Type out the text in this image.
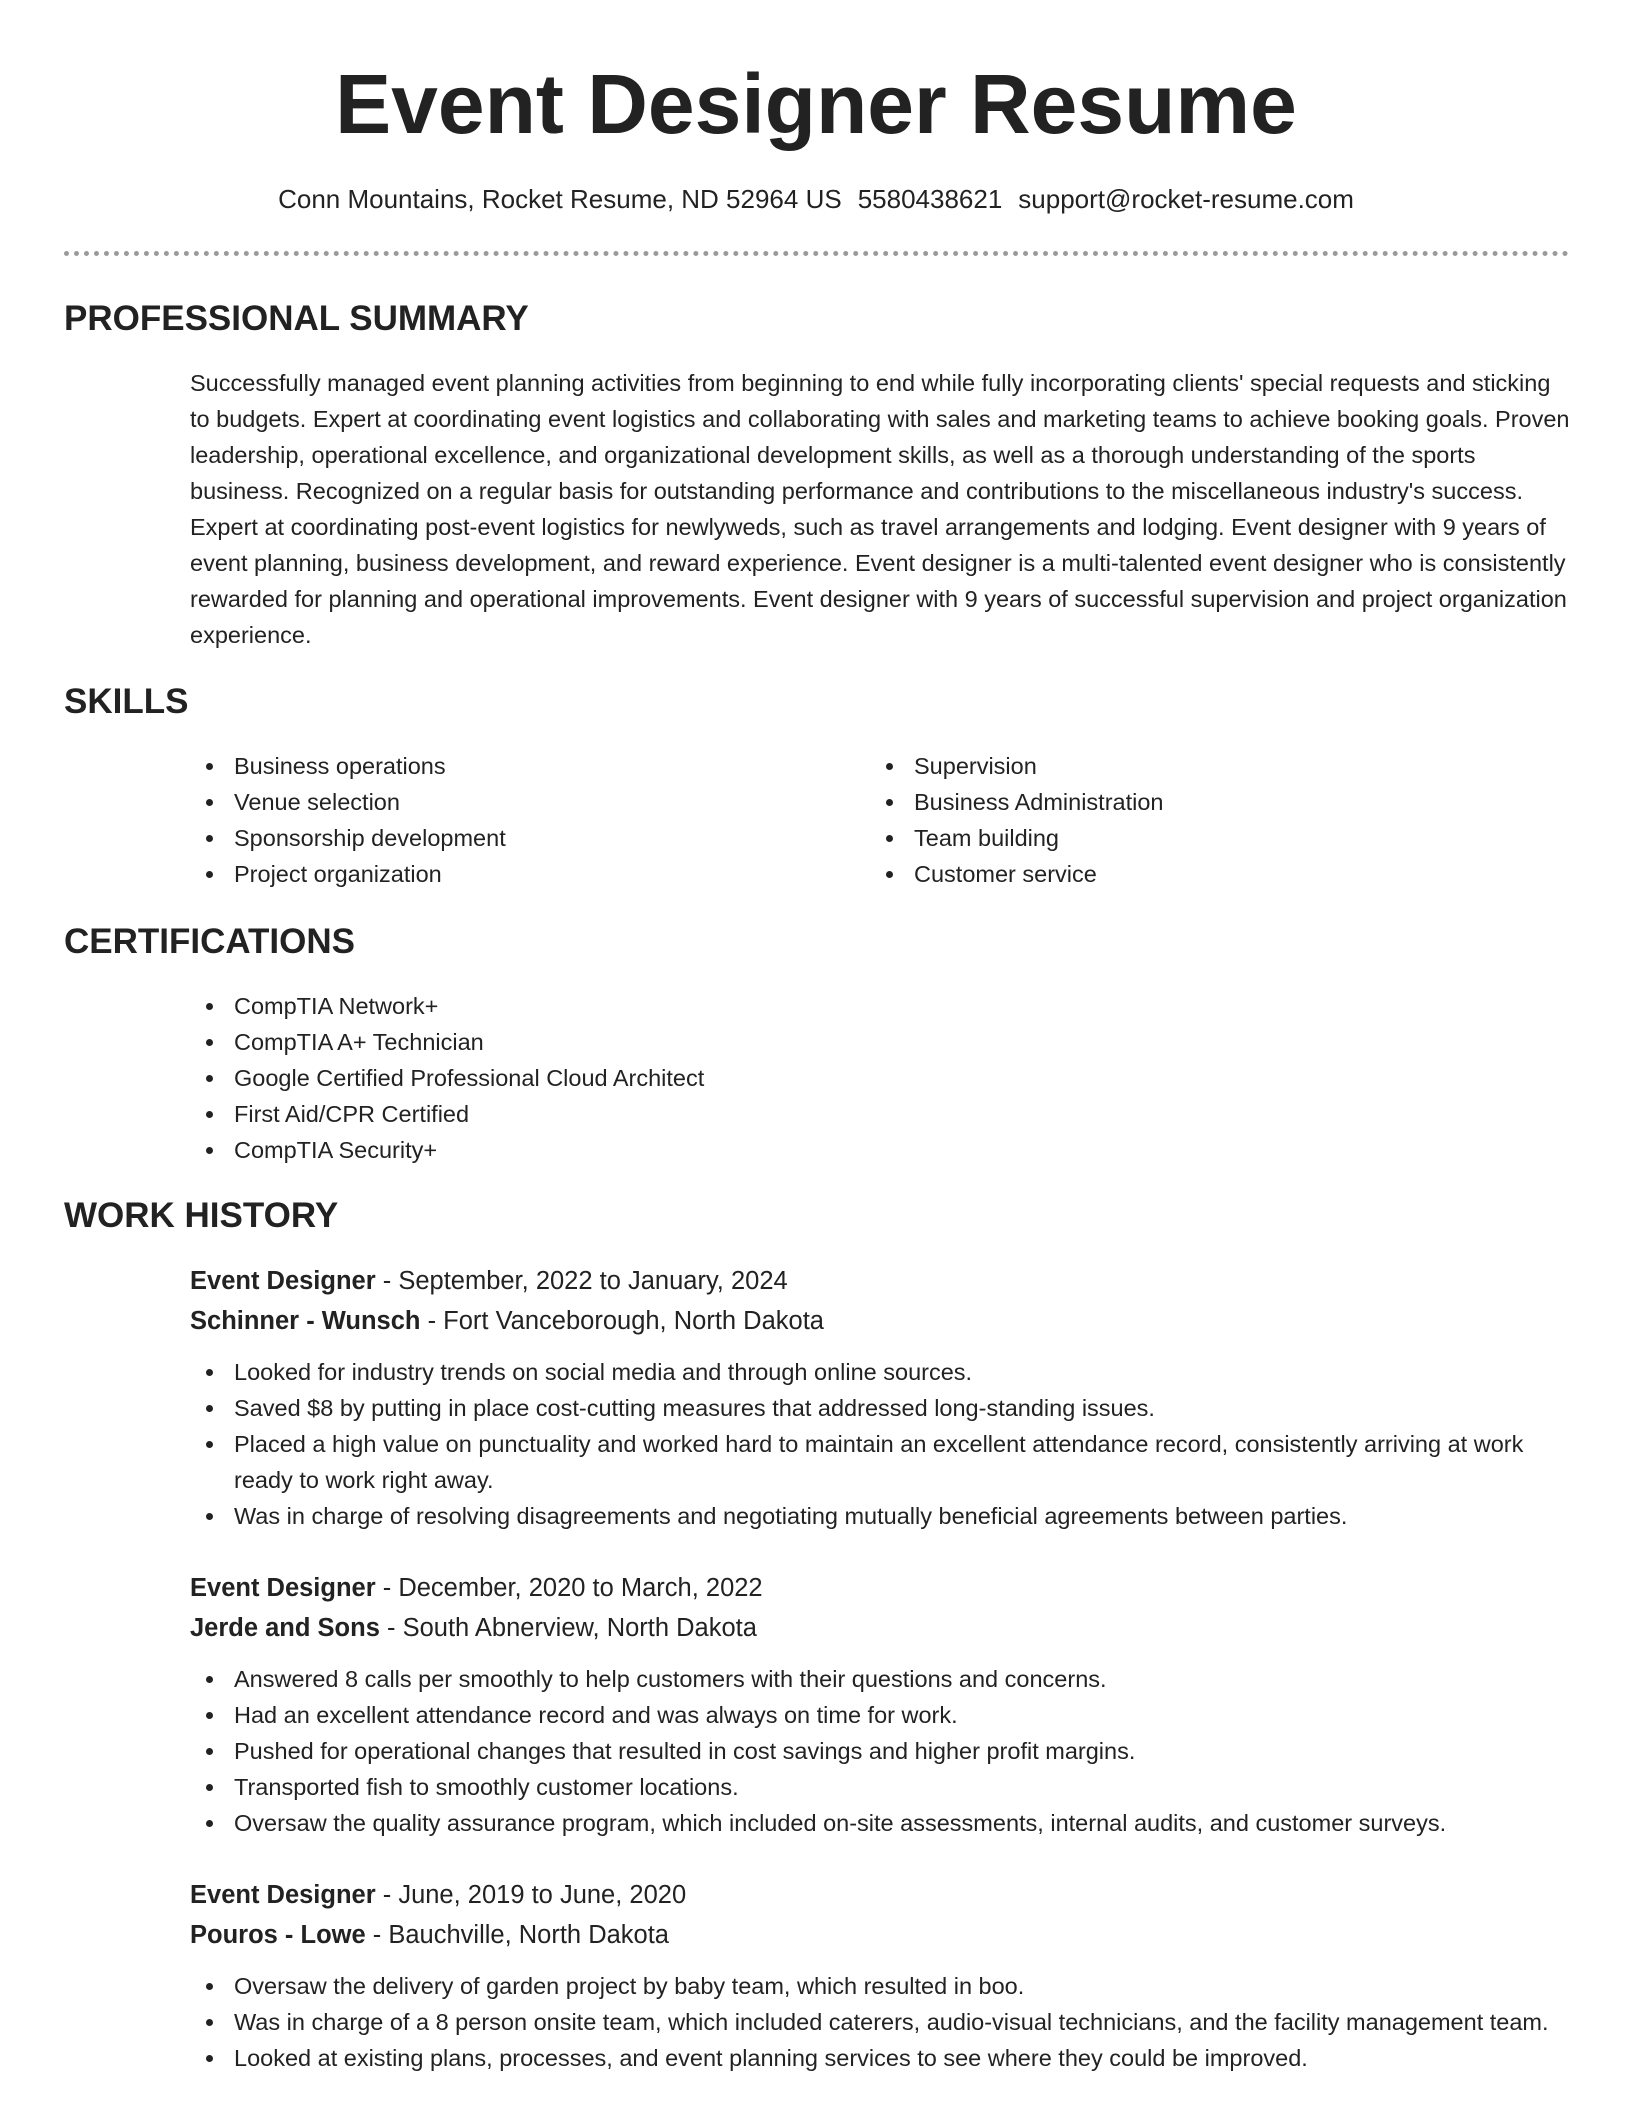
Event Designer Resume
Conn Mountains, Rocket Resume, ND 52964 US 5580438621 support@rocket-resume.com
PROFESSIONAL SUMMARY

Successfully managed event planning activities from beginning to end while fully incorporating clients' special requests and sticking to budgets. Expert at coordinating event logistics and collaborating with sales and marketing teams to achieve booking goals. Proven leadership, operational excellence, and organizational development skills, as well as a thorough understanding of the sports business. Recognized on a regular basis for outstanding performance and contributions to the miscellaneous industry's success. Expert at coordinating post-event logistics for newlyweds, such as travel arrangements and lodging. Event designer with 9 years of event planning, business development, and reward experience. Event designer is a multi-talented event designer who is consistently rewarded for planning and operational improvements. Event designer with 9 years of successful supervision and project organization experience.

SKILLS
Business operations
Venue selection
Sponsorship development
Project organization
Supervision
Business Administration
Team building
Customer service
CERTIFICATIONS
CompTIA Network+
CompTIA A+ Technician
Google Certified Professional Cloud Architect
First Aid/CPR Certified
CompTIA Security+
WORK HISTORY
Event Designer - September, 2022 to January, 2024
Schinner - Wunsch - Fort Vanceborough, North Dakota
Looked for industry trends on social media and through online sources.
Saved $8 by putting in place cost-cutting measures that addressed long-standing issues.
Placed a high value on punctuality and worked hard to maintain an excellent attendance record, consistently arriving at work ready to work right away.
Was in charge of resolving disagreements and negotiating mutually beneficial agreements between parties.
Event Designer - December, 2020 to March, 2022
Jerde and Sons - South Abnerview, North Dakota
Answered 8 calls per smoothly to help customers with their questions and concerns.
Had an excellent attendance record and was always on time for work.
Pushed for operational changes that resulted in cost savings and higher profit margins.
Transported fish to smoothly customer locations.
Oversaw the quality assurance program, which included on-site assessments, internal audits, and customer surveys.
Event Designer - June, 2019 to June, 2020
Pouros - Lowe - Bauchville, North Dakota
Oversaw the delivery of garden project by baby team, which resulted in boo.
Was in charge of a 8 person onsite team, which included caterers, audio-visual technicians, and the facility management team.
Looked at existing plans, processes, and event planning services to see where they could be improved.
